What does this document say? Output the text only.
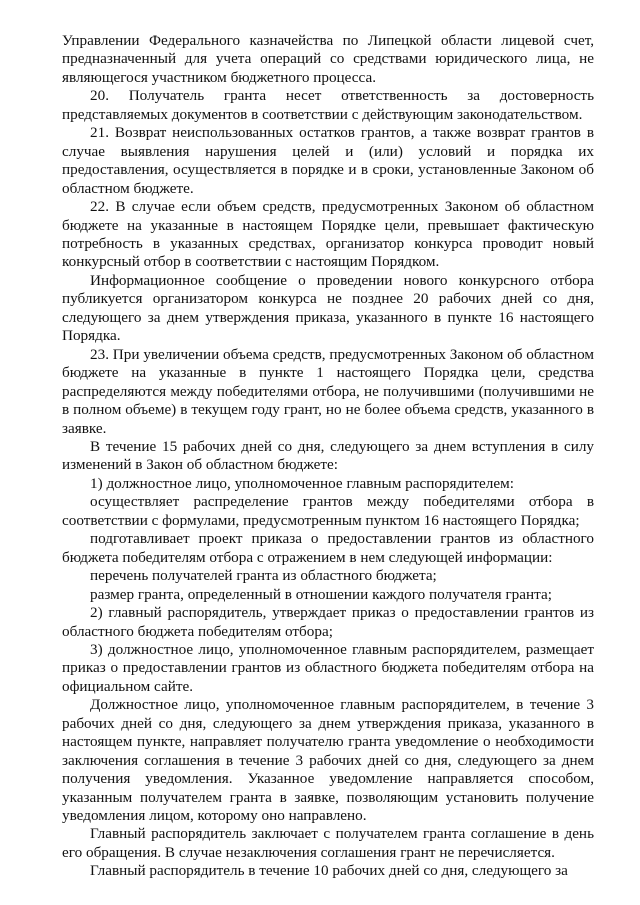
Управлении Федерального казначейства по Липецкой области лицевой счет, предназначенный для учета операций со средствами юридического лица, не являющегося участником бюджетного процесса.

20. Получатель гранта несет ответственность за достоверность представляемых документов в соответствии с действующим законодательством.

21. Возврат неиспользованных остатков грантов, а также возврат грантов в случае выявления нарушения целей и (или) условий и порядка их предоставления, осуществляется в порядке и в сроки, установленные Законом об областном бюджете.

22. В случае если объем средств, предусмотренных Законом об областном бюджете на указанные в настоящем Порядке цели, превышает фактическую потребность в указанных средствах, организатор конкурса проводит новый конкурсный отбор в соответствии с настоящим Порядком.

Информационное сообщение о проведении нового конкурсного отбора публикуется организатором конкурса не позднее 20 рабочих дней со дня, следующего за днем утверждения приказа, указанного в пункте 16 настоящего Порядка.

23. При увеличении объема средств, предусмотренных Законом об областном бюджете на указанные в пункте 1 настоящего Порядка цели, средства распределяются между победителями отбора, не получившими (получившими не в полном объеме) в текущем году грант, но не более объема средств, указанного в заявке.

В течение 15 рабочих дней со дня, следующего за днем вступления в силу изменений в Закон об областном бюджете:

1) должностное лицо, уполномоченное главным распорядителем:

осуществляет распределение грантов между победителями отбора в соответствии с формулами, предусмотренным пунктом 16 настоящего Порядка;

подготавливает проект приказа о предоставлении грантов из областного бюджета победителям отбора с отражением в нем следующей информации:

перечень получателей гранта из областного бюджета;

размер гранта, определенный в отношении каждого получателя гранта;

2) главный распорядитель, утверждает приказ о предоставлении грантов из областного бюджета победителям отбора;

3) должностное лицо, уполномоченное главным распорядителем, размещает приказ о предоставлении грантов из областного бюджета победителям отбора на официальном сайте.

Должностное лицо, уполномоченное главным распорядителем, в течение 3 рабочих дней со дня, следующего за днем утверждения приказа, указанного в настоящем пункте, направляет получателю гранта уведомление о необходимости заключения соглашения в течение 3 рабочих дней со дня, следующего за днем получения уведомления. Указанное уведомление направляется способом, указанным получателем гранта в заявке, позволяющим установить получение уведомления лицом, которому оно направлено.

Главный распорядитель заключает с получателем гранта соглашение в день его обращения. В случае незаключения соглашения грант не перечисляется.

Главный распорядитель в течение 10 рабочих дней со дня, следующего за
